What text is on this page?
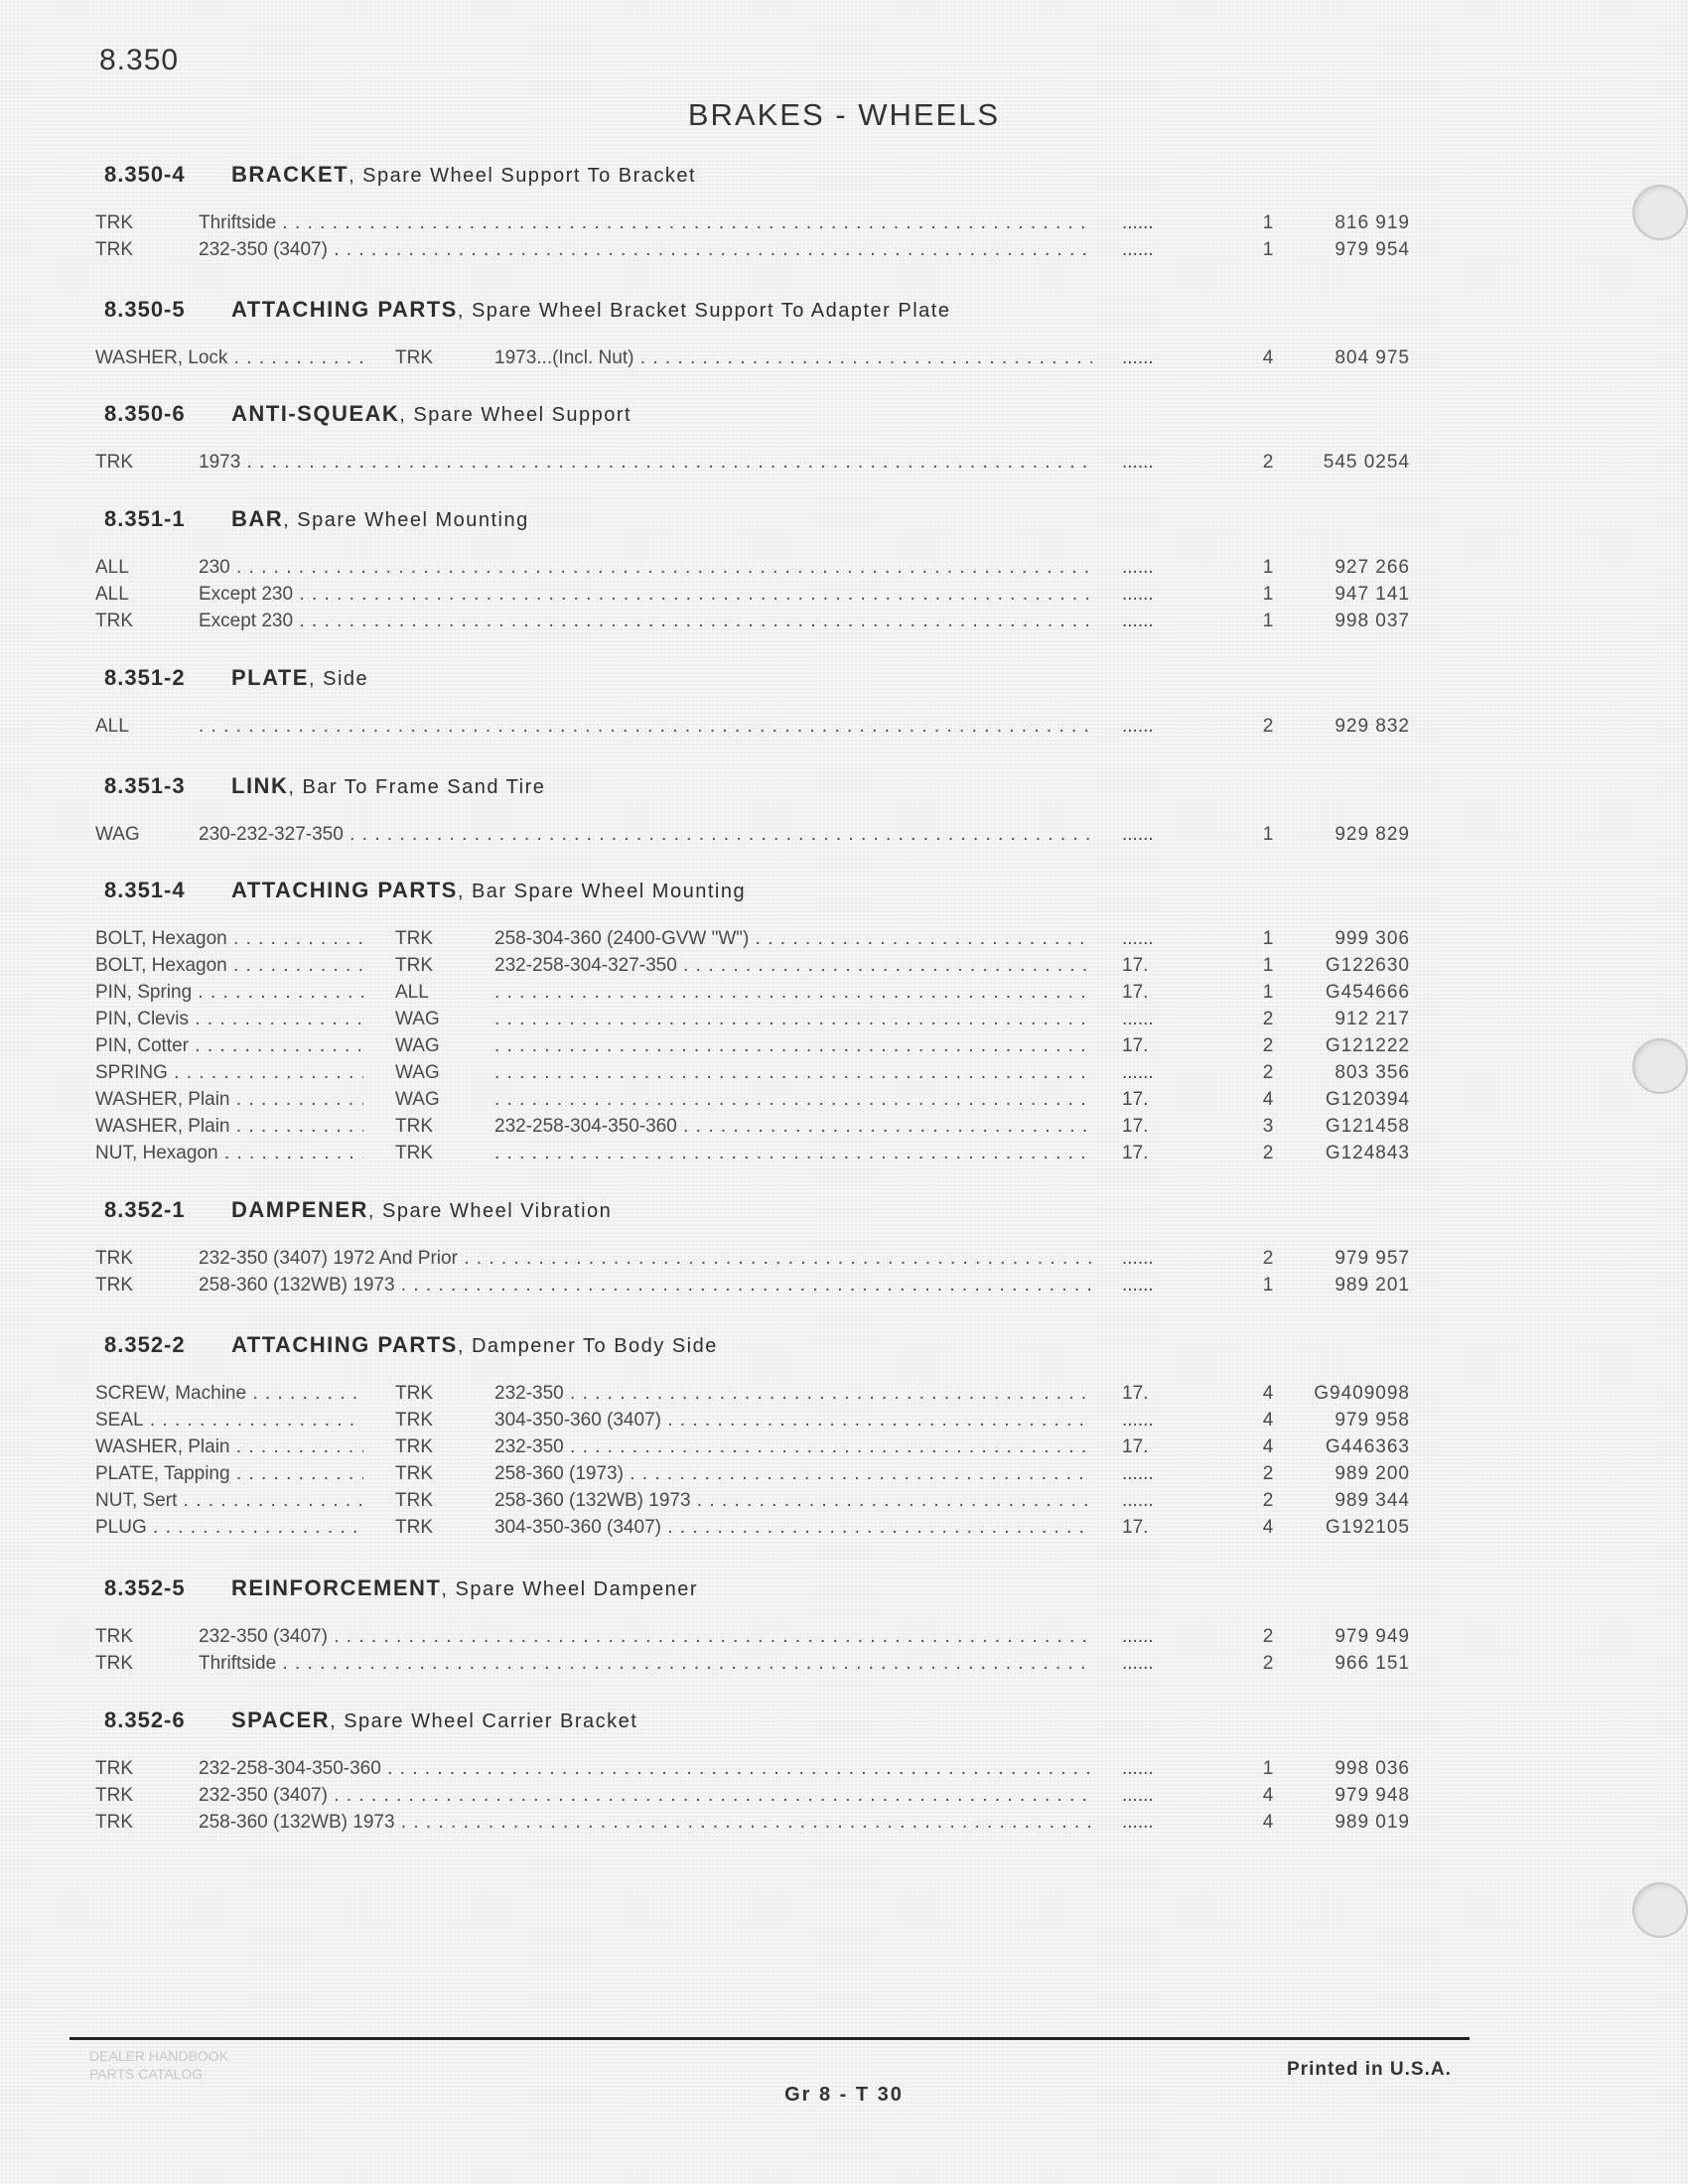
8.350
BRAKES - WHEELS
8.350-4 BRACKET, Spare Wheel Support To Bracket
TRK	Thriftside . . .	......	1	816 919
TRK	232-350 (3407) . . .	......	1	979 954
8.350-5 ATTACHING PARTS, Spare Wheel Bracket Support To Adapter Plate
WASHER, Lock . . .	TRK	1973...(Incl. Nut) . . .	......	4	804 975
8.350-6 ANTI-SQUEAK, Spare Wheel Support
TRK	1973 . . .	......	2	545 0254
8.351-1 BAR, Spare Wheel Mounting
ALL	230 . . .	......	1	927 266
ALL	Except 230 . . .	......	1	947 141
TRK	Except 230 . . .	......	1	998 037
8.351-2 PLATE, Side
ALL . . .	......	2	929 832
8.351-3 LINK, Bar To Frame Sand Tire
WAG	230-232-327-350 . . .	......	1	929 829
8.351-4 ATTACHING PARTS, Bar Spare Wheel Mounting
BOLT, Hexagon . . .	TRK	258-304-360 (2400-GVW "W") . . .	......	1	999 306
BOLT, Hexagon . . .	TRK	232-258-304-327-350 . . .	17.	1	G122630
PIN, Spring . . .	ALL . . .	17.	1	G454666
PIN, Clevis . . .	WAG . . .	......	2	912 217
PIN, Cotter . . .	WAG . . .	17.	2	G121222
SPRING . . .	WAG . . .	......	2	803 356
WASHER, Plain . . .	WAG . . .	17.	4	G120394
WASHER, Plain . . .	TRK	232-258-304-350-360 . . .	17.	3	G121458
NUT, Hexagon . . .	TRK . . .	17.	2	G124843
8.352-1 DAMPENER, Spare Wheel Vibration
TRK	232-350 (3407) 1972 And Prior . . .	......	2	979 957
TRK	258-360 (132WB) 1973 . . .	......	1	989 201
8.352-2 ATTACHING PARTS, Dampener To Body Side
SCREW, Machine . . .	TRK	232-350 . . .	17.	4	G9409098
SEAL . . .	TRK	304-350-360 (3407) . . .	......	4	979 958
WASHER, Plain . . .	TRK	232-350 . . .	17.	4	G446363
PLATE, Tapping . . .	TRK	258-360 (1973) . . .	......	2	989 200
NUT, Sert . . .	TRK	258-360 (132WB) 1973 . . .	......	2	989 344
PLUG . . .	TRK	304-350-360 (3407) . . .	17.	4	G192105
8.352-5 REINFORCEMENT, Spare Wheel Dampener
TRK	232-350 (3407) . . .	......	2	979 949
TRK	Thriftside . . .	......	2	966 151
8.352-6 SPACER, Spare Wheel Carrier Bracket
TRK	232-258-304-350-360 . . .	......	1	998 036
TRK	232-350 (3407) . . .	......	4	979 948
TRK	258-360 (132WB) 1973 . . .	......	4	989 019
DEALER HANDBOOK
PARTS CATALOG
Gr 8 - T 30
Printed in U.S.A.
